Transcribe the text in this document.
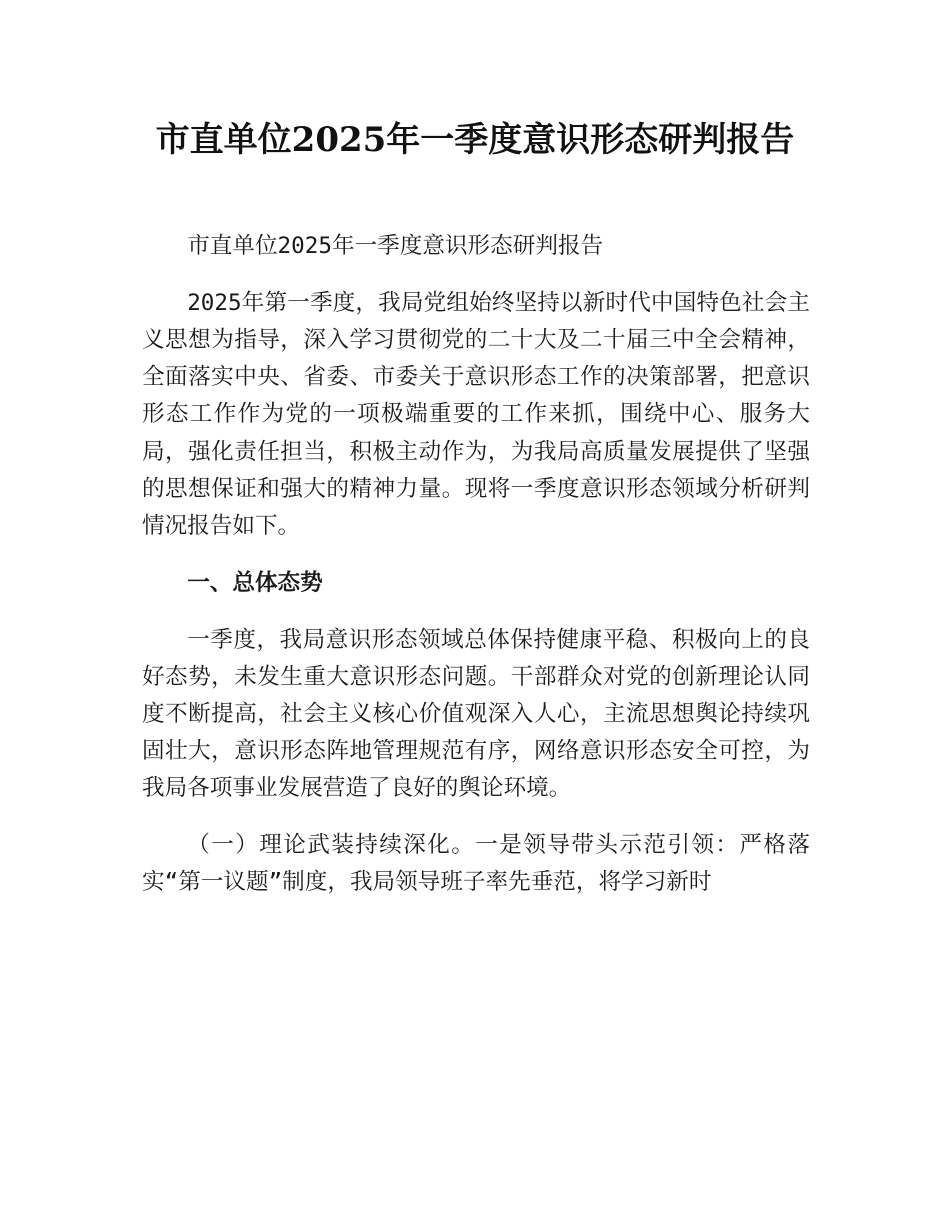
市直单位2025年一季度意识形态研判报告

市直单位2025年一季度意识形态研判报告

2025年第一季度，我局党组始终坚持以新时代中国特色社会主义思想为指导，深入学习贯彻党的二十大及二十届三中全会精神，全面落实中央、省委、市委关于意识形态工作的决策部署，把意识形态工作作为党的一项极端重要的工作来抓，围绕中心、服务大局，强化责任担当，积极主动作为，为我局高质量发展提供了坚强的思想保证和强大的精神力量。现将一季度意识形态领域分析研判情况报告如下。

一、总体态势

一季度，我局意识形态领域总体保持健康平稳、积极向上的良好态势，未发生重大意识形态问题。干部群众对党的创新理论认同度不断提高，社会主义核心价值观深入人心，主流思想舆论持续巩固壮大，意识形态阵地管理规范有序，网络意识形态安全可控，为我局各项事业发展营造了良好的舆论环境。

（一）理论武装持续深化。一是领导带头示范引领：严格落实“第一议题”制度，我局领导班子率先垂范，将学习新时
